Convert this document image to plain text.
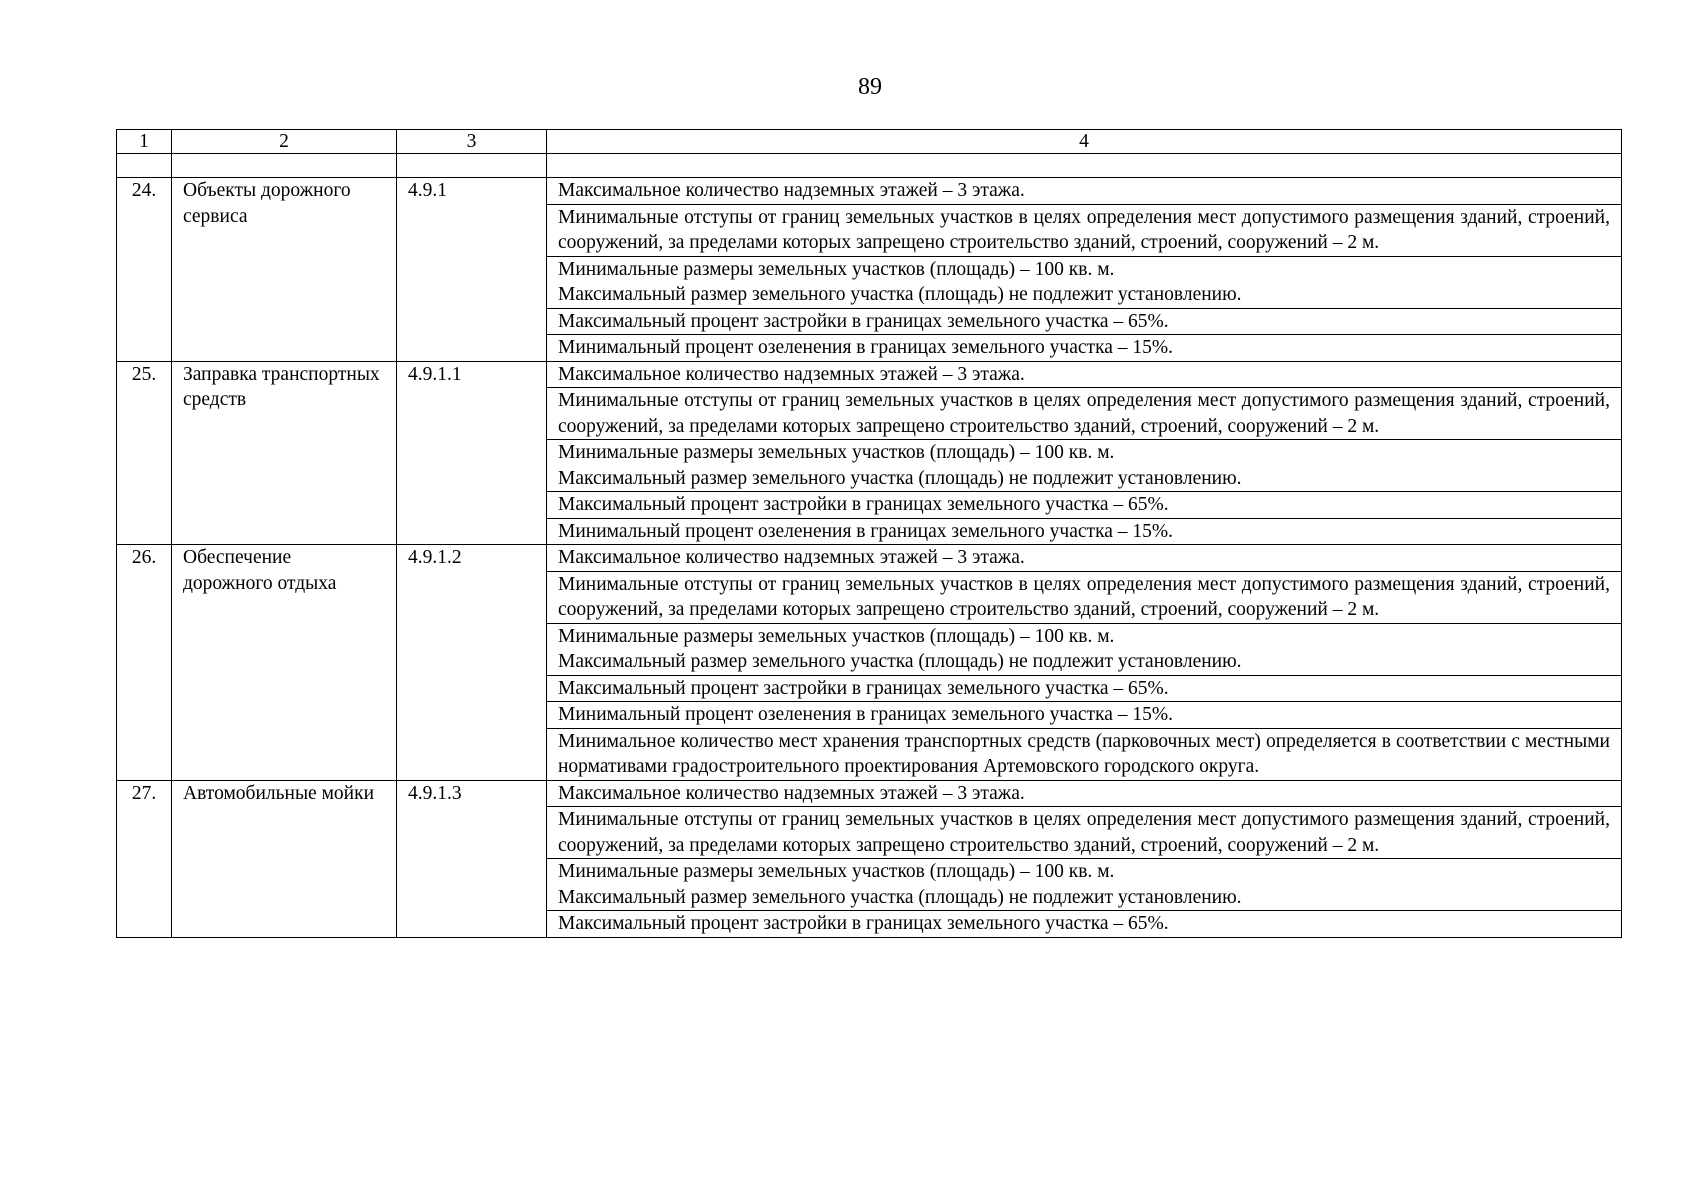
89
1	2	3	4

24.	Объекты дорожного сервиса	4.9.1	Максимальное количество надземных этажей – 3 этажа.
			Минимальные отступы от границ земельных участков в целях определения мест допустимого размещения зданий, строений, сооружений, за пределами которых запрещено строительство зданий, строений, сооружений – 2 м.

			Минимальные размеры земельных участков (площадь) – 100 кв. м.
Максимальный размер земельного участка (площадь) не подлежит установлению.

			Максимальный процент застройки в границах земельного участка – 65%.
			Минимальный процент озеленения в границах земельного участка – 15%.
25.	Заправка транспортных средств	4.9.1.1	Максимальное количество надземных этажей – 3 этажа.
			Минимальные отступы от границ земельных участков в целях определения мест допустимого размещения зданий, строений, сооружений, за пределами которых запрещено строительство зданий, строений, сооружений – 2 м.

			Минимальные размеры земельных участков (площадь) – 100 кв. м.
Максимальный размер земельного участка (площадь) не подлежит установлению.

			Максимальный процент застройки в границах земельного участка – 65%.
			Минимальный процент озеленения в границах земельного участка – 15%.
26.	Обеспечение дорожного отдыха	4.9.1.2	Максимальное количество надземных этажей – 3 этажа.
			Минимальные отступы от границ земельных участков в целях определения мест допустимого размещения зданий, строений, сооружений, за пределами которых запрещено строительство зданий, строений, сооружений – 2 м.

			Минимальные размеры земельных участков (площадь) – 100 кв. м.
Максимальный размер земельного участка (площадь) не подлежит установлению.

			Максимальный процент застройки в границах земельного участка – 65%.
			Минимальный процент озеленения в границах земельного участка – 15%.
			Минимальное количество мест хранения транспортных средств (парковочных мест) определяется в соответствии с местными нормативами градостроительного проектирования Артемовского городского округа.
27.	Автомобильные мойки	4.9.1.3	Максимальное количество надземных этажей – 3 этажа.
			Минимальные отступы от границ земельных участков в целях определения мест допустимого размещения зданий, строений, сооружений, за пределами которых запрещено строительство зданий, строений, сооружений – 2 м.

			Минимальные размеры земельных участков (площадь) – 100 кв. м.
Максимальный размер земельного участка (площадь) не подлежит установлению.

			Максимальный процент застройки в границах земельного участка – 65%.
